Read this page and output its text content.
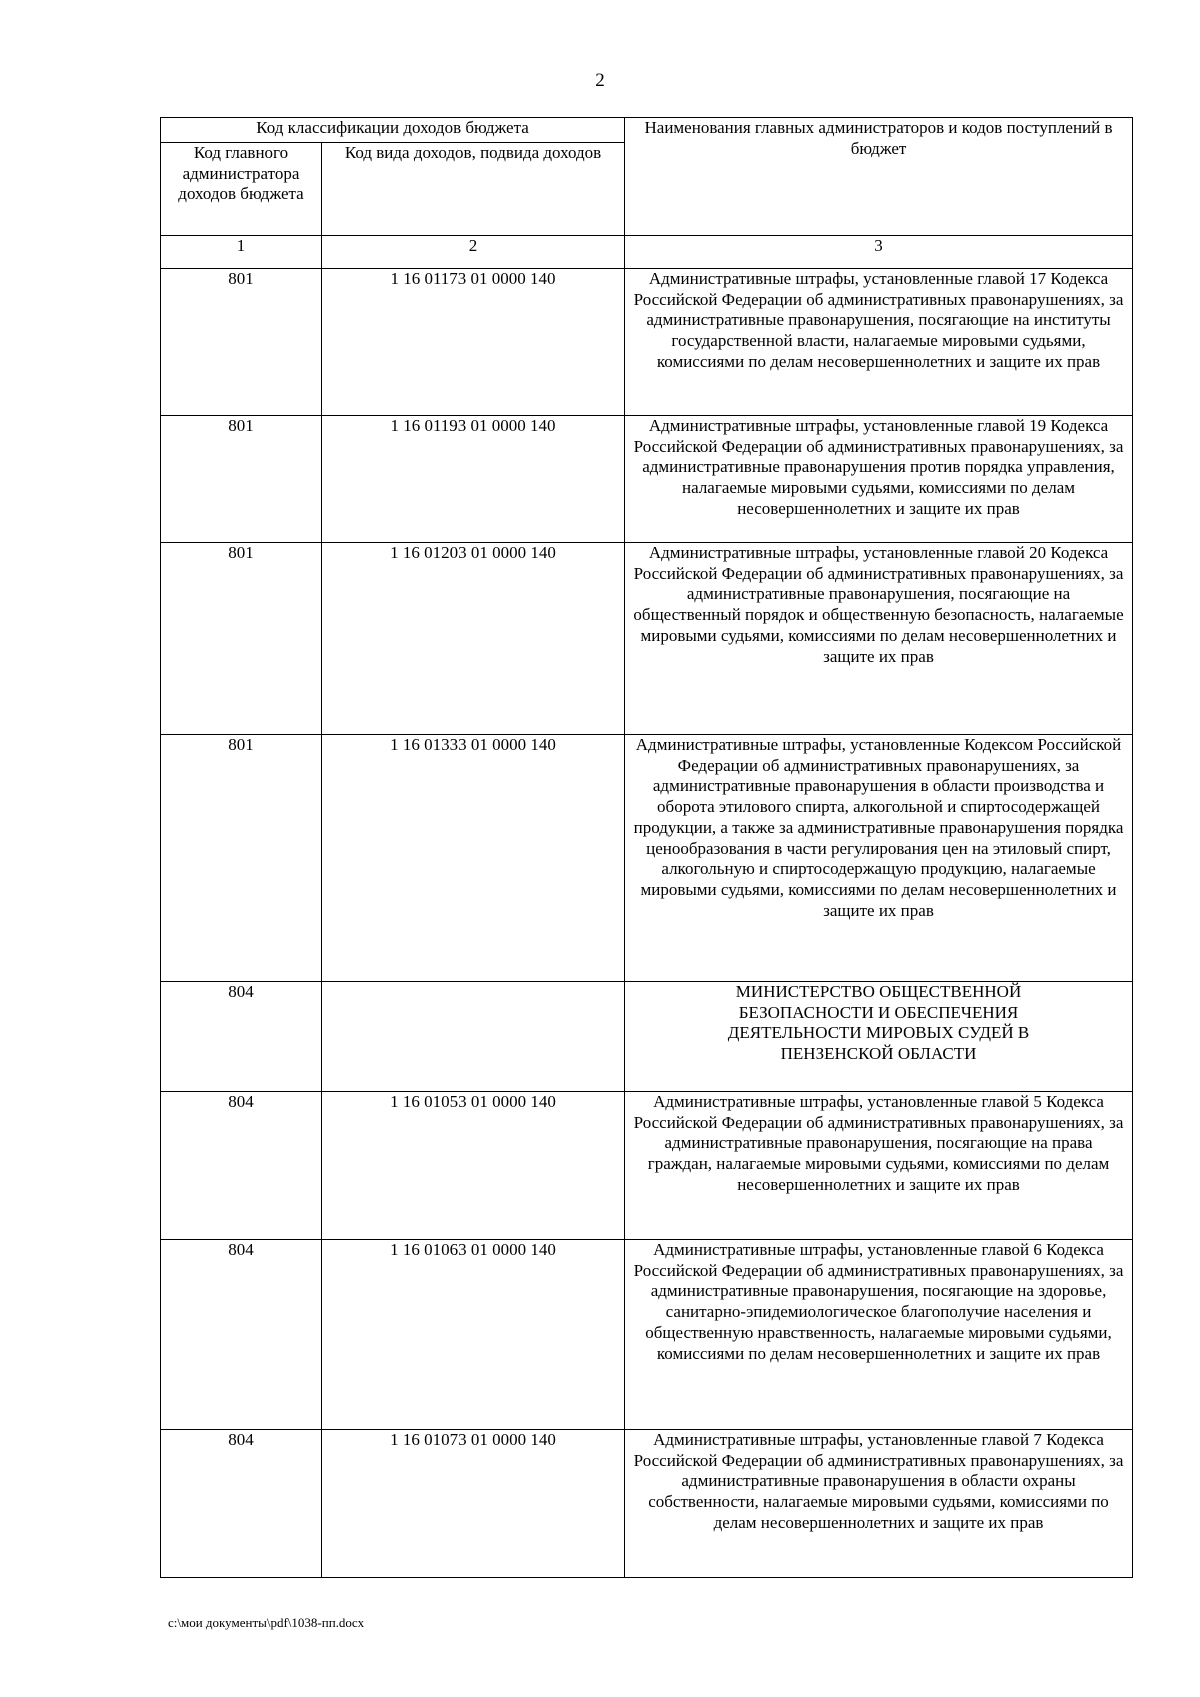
2
Код классификации доходов бюджета		Наименования главных администраторов и кодов поступлений в бюджет
Код главного администратора доходов бюджета	Код вида доходов, подвида доходов	
1	2	3
801	1 16 01173 01 0000 140	Административные штрафы, установленные главой 17 Кодекса Российской Федерации об административных правонарушениях, за административные правонарушения, посягающие на институты государственной власти, налагаемые мировыми судьями, комиссиями по делам несовершеннолетних и защите их прав
801	1 16 01193 01 0000 140	Административные штрафы, установленные главой 19 Кодекса Российской Федерации об административных правонарушениях, за административные правонарушения против порядка управления, налагаемые мировыми судьями, комиссиями по делам несовершеннолетних и защите их прав
801	1 16 01203 01 0000 140	Административные штрафы, установленные главой 20 Кодекса Российской Федерации об административных правонарушениях, за административные правонарушения, посягающие на общественный порядок и общественную безопасность, налагаемые мировыми судьями, комиссиями по делам несовершеннолетних и защите их прав
801	1 16 01333 01 0000 140	Административные штрафы, установленные Кодексом Российской Федерации об административных правонарушениях, за административные правонарушения в области производства и оборота этилового спирта, алкогольной и спиртосодержащей продукции, а также за административные правонарушения порядка ценообразования в части регулирования цен на этиловый спирт, алкогольную и спиртосодержащую продукцию, налагаемые мировыми судьями, комиссиями по делам несовершеннолетних и защите их прав
804		МИНИСТЕРСТВО ОБЩЕСТВЕННОЙ БЕЗОПАСНОСТИ И ОБЕСПЕЧЕНИЯ ДЕЯТЕЛЬНОСТИ МИРОВЫХ СУДЕЙ В ПЕНЗЕНСКОЙ ОБЛАСТИ
804	1 16 01053 01 0000 140	Административные штрафы, установленные главой 5 Кодекса Российской Федерации об административных правонарушениях, за административные правонарушения, посягающие на права граждан, налагаемые мировыми судьями, комиссиями по делам несовершеннолетних и защите их прав
804	1 16 01063 01 0000 140	Административные штрафы, установленные главой 6 Кодекса Российской Федерации об административных правонарушениях, за административные правонарушения, посягающие на здоровье, санитарно-эпидемиологическое благополучие населения и общественную нравственность, налагаемые мировыми судьями, комиссиями по делам несовершеннолетних и защите их прав
804	1 16 01073 01 0000 140	Административные штрафы, установленные главой 7 Кодекса Российской Федерации об административных правонарушениях, за административные правонарушения в области охраны собственности, налагаемые мировыми судьями, комиссиями по делам несовершеннолетних и защите их прав
c:\мои документы\pdf\1038-пп.docx
